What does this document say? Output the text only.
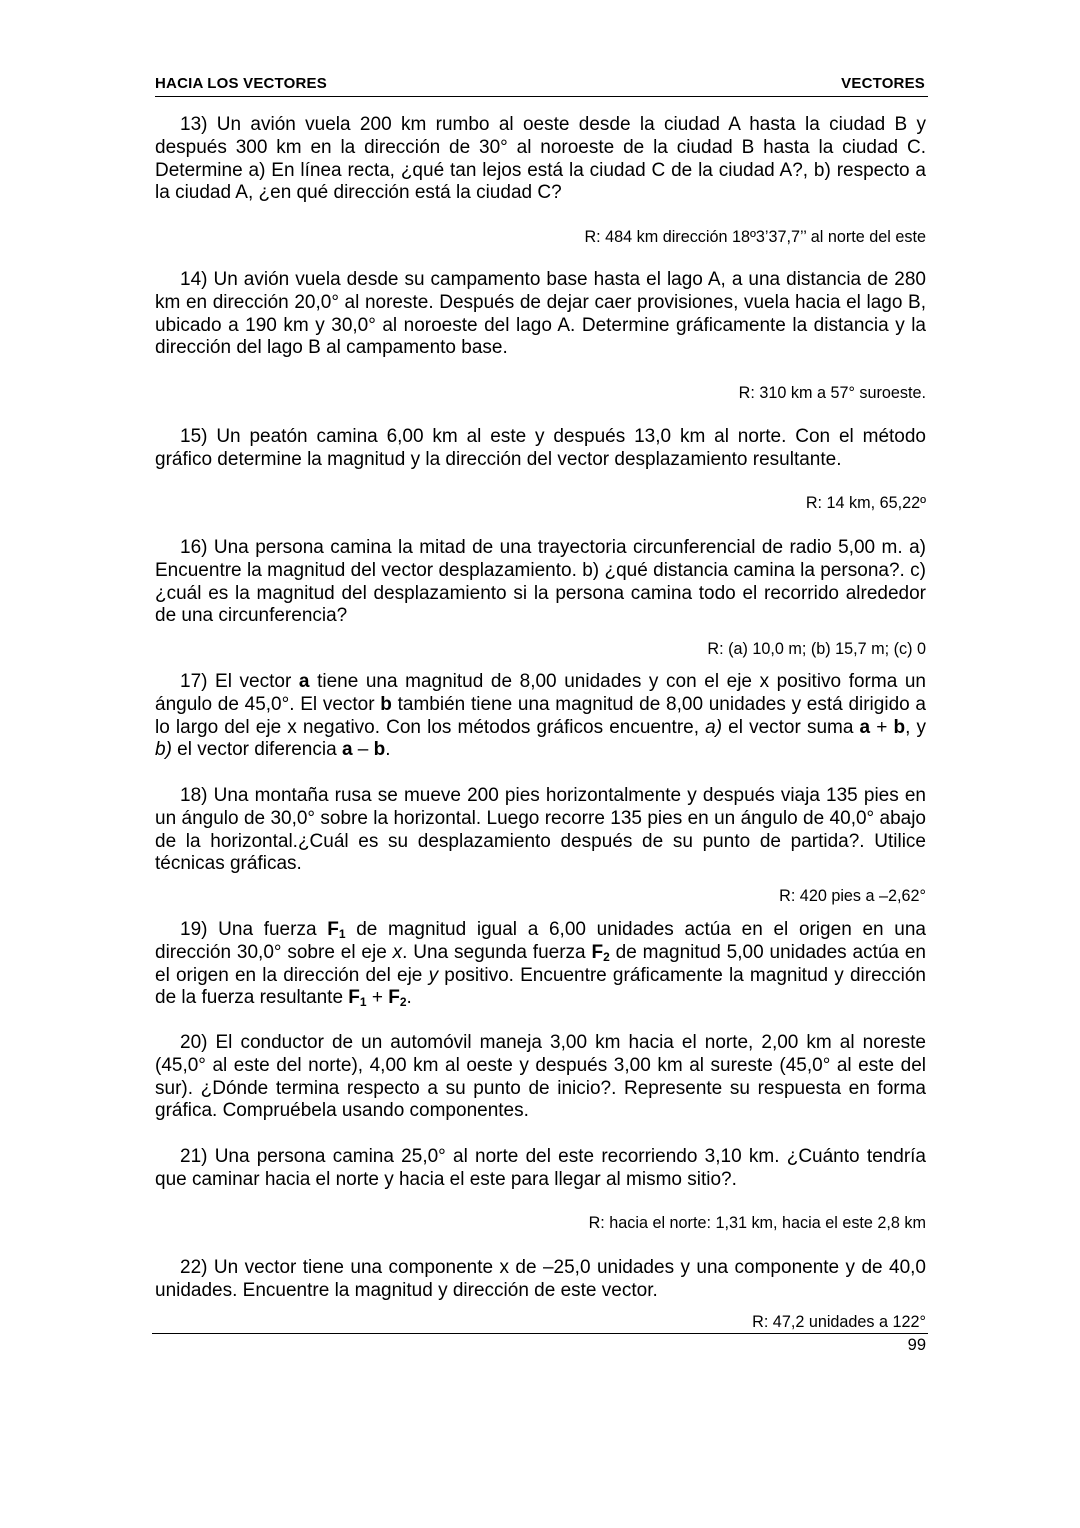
HACIA LOS VECTORES	VECTORES
13) Un avión vuela 200 km rumbo al oeste desde la ciudad A hasta la ciudad B y después 300 km en la dirección de 30° al noroeste de la ciudad B hasta la ciudad C. Determine a) En línea recta, ¿qué tan lejos está la ciudad C de la ciudad A?, b) respecto a la ciudad A, ¿en qué dirección está la ciudad C?
R: 484 km dirección 18º3’37,7’’ al norte del este
14) Un avión vuela desde su campamento base hasta el lago A, a una distancia de 280 km en dirección 20,0° al noreste. Después de dejar caer provisiones, vuela hacia el lago B, ubicado a 190 km y 30,0° al noroeste del lago A. Determine gráficamente la distancia y la dirección del lago B al campamento base.
R: 310 km a 57° suroeste.
15) Un peatón camina 6,00 km al este y después 13,0 km al norte. Con el método gráfico determine la magnitud y la dirección del vector desplazamiento resultante.
R: 14 km, 65,22º
16) Una persona camina la mitad de una trayectoria circunferencial de radio 5,00 m. a) Encuentre la magnitud del vector desplazamiento. b) ¿qué distancia camina la persona?. c) ¿cuál es la magnitud del desplazamiento si la persona camina todo el recorrido alrededor de una circunferencia?
R: (a) 10,0 m; (b) 15,7 m; (c) 0
17) El vector a tiene una magnitud de 8,00 unidades y con el eje x positivo forma un ángulo de 45,0°. El vector b también tiene una magnitud de 8,00 unidades y está dirigido a lo largo del eje x negativo. Con los métodos gráficos encuentre, a) el vector suma a + b, y b) el vector diferencia a – b.
18) Una montaña rusa se mueve 200 pies horizontalmente y después viaja 135 pies en un ángulo de 30,0° sobre la horizontal. Luego recorre 135 pies en un ángulo de 40,0° abajo de la horizontal.¿Cuál es su desplazamiento después de su punto de partida?. Utilice técnicas gráficas.
R: 420 pies a –2,62°
19) Una fuerza $F_1$ de magnitud igual a 6,00 unidades actúa en el origen en una dirección 30,0° sobre el eje x. Una segunda fuerza $F_2$ de magnitud 5,00 unidades actúa en el origen en la dirección del eje y positivo. Encuentre gráficamente la magnitud y dirección de la fuerza resultante $F_1 + F_2$.
20) El conductor de un automóvil maneja 3,00 km hacia el norte, 2,00 km al noreste (45,0° al este del norte), 4,00 km al oeste y después 3,00 km al sureste (45,0° al este del sur). ¿Dónde termina respecto a su punto de inicio?. Represente su respuesta en forma gráfica. Compruébela usando componentes.
21) Una persona camina 25,0° al norte del este recorriendo 3,10 km. ¿Cuánto tendría que caminar hacia el norte y hacia el este para llegar al mismo sitio?.
R: hacia el norte: 1,31 km, hacia el este 2,8 km
22) Un vector tiene una componente x de –25,0 unidades y una componente y de 40,0 unidades. Encuentre la magnitud y dirección de este vector.
R: 47,2 unidades a 122°
99
